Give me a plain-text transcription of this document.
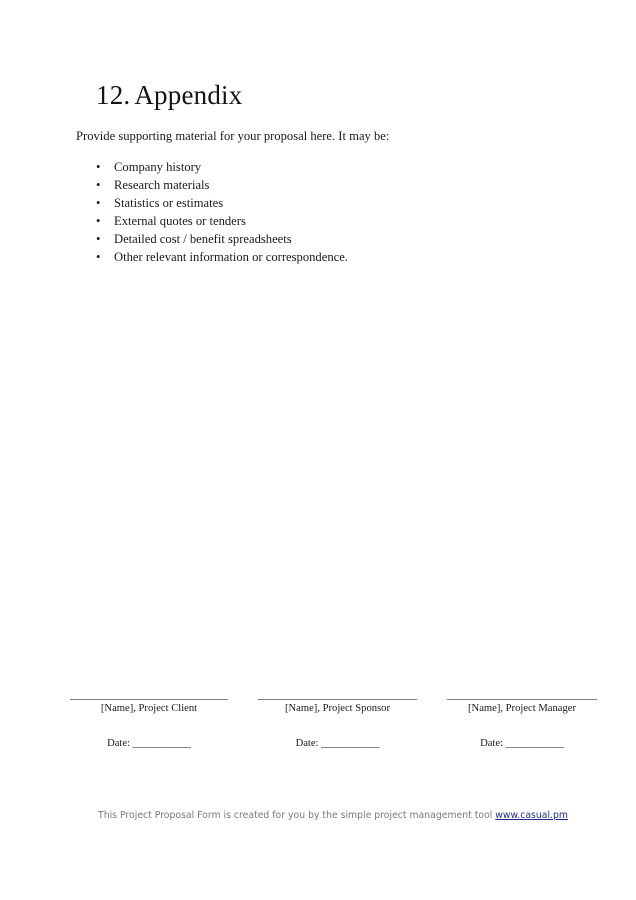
12. Appendix
Provide supporting material for your proposal here. It may be:
• Company history
• Research materials
• Statistics or estimates
• External quotes or tenders
• Detailed cost / benefit spreadsheets
• Other relevant information or correspondence.
[Name], Project Client
Date: ___________
[Name], Project Sponsor
Date: ___________
[Name], Project Manager
Date: ___________
This Project Proposal Form is created for you by the simple project management tool www.casual.pm
